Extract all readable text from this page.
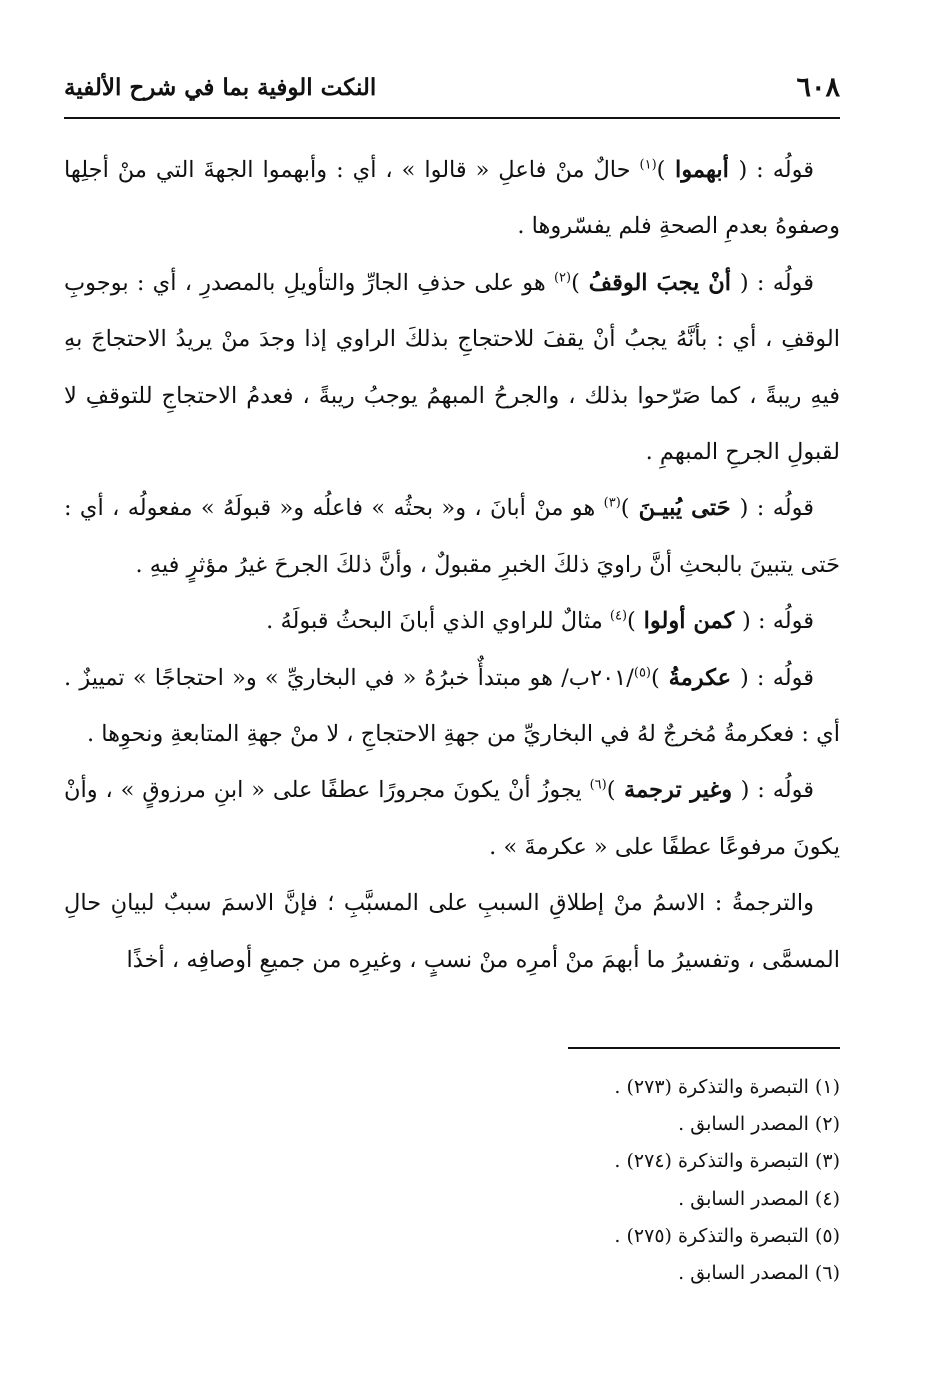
٦٠٨
النكت الوفية بما في شرح الألفية

قولُه : ( أبهموا )$^{(١)}$ حالٌ منْ فاعلِ « قالوا » ، أي : وأبهموا الجهةَ التي منْ أجلِها وصفوهُ بعدمِ الصحةِ فلم يفسّروها .

قولُه : ( أنْ يجبَ الوقفُ )$^{(٢)}$ هو على حذفِ الجارِّ والتأويلِ بالمصدرِ ، أي : بوجوبِ الوقفِ ، أي : بأنَّهُ يجبُ أنْ يقفَ للاحتجاجِ بذلكَ الراوي إذا وجدَ منْ يريدُ الاحتجاجَ بهِ فيهِ ريبةً ، كما صَرّحوا بذلك ، والجرحُ المبهمُ يوجبُ ريبةً ، فعدمُ الاحتجاجِ للتوقفِ لا لقبولِ الجرحِ المبهمِ .

قولُه : ( حَتى يُبيـنَ )$^{(٣)}$ هو منْ أبانَ ، و« بحثُه » فاعلُه و« قبولَهُ » مفعولُه ، أي : حَتى يتبينَ بالبحثِ أنَّ راويَ ذلكَ الخبرِ مقبولٌ ، وأنَّ ذلكَ الجرحَ غيرُ مؤثرٍ فيهِ .

قولُه : ( كمن أولوا )$^{(٤)}$ مثالٌ للراوي الذي أبانَ البحثُ قبولَهُ .

قولُه : ( عكرمةُ )$^{(٥)}$/٢٠١ب/ هو مبتدأٌ خبرُهُ « في البخاريِّ » و« احتجاجًا » تمييزٌ . أي : فعكرمةُ مُخرجٌ لهُ في البخاريِّ من جهةِ الاحتجاجِ ، لا منْ جهةِ المتابعةِ ونحوِها .

قولُه : ( وغير ترجمة )$^{(٦)}$ يجوزُ أنْ يكونَ مجرورًا عطفًا على « ابنِ مرزوقٍ » ، وأنْ يكونَ مرفوعًا عطفًا على « عكرمةَ » .

والترجمةُ : الاسمُ منْ إطلاقِ السببِ على المسبَّبِ ؛ فإنَّ الاسمَ سببٌ لبيانِ حالِ المسمَّى ، وتفسيرُ ما أبهمَ منْ أمرِه منْ نسبٍ ، وغيرِه من جميعِ أوصافِه ، أخذًا

(١) التبصرة والتذكرة (٢٧٣) .

(٢) المصدر السابق .

(٣) التبصرة والتذكرة (٢٧٤) .

(٤) المصدر السابق .

(٥) التبصرة والتذكرة (٢٧٥) .

(٦) المصدر السابق .
